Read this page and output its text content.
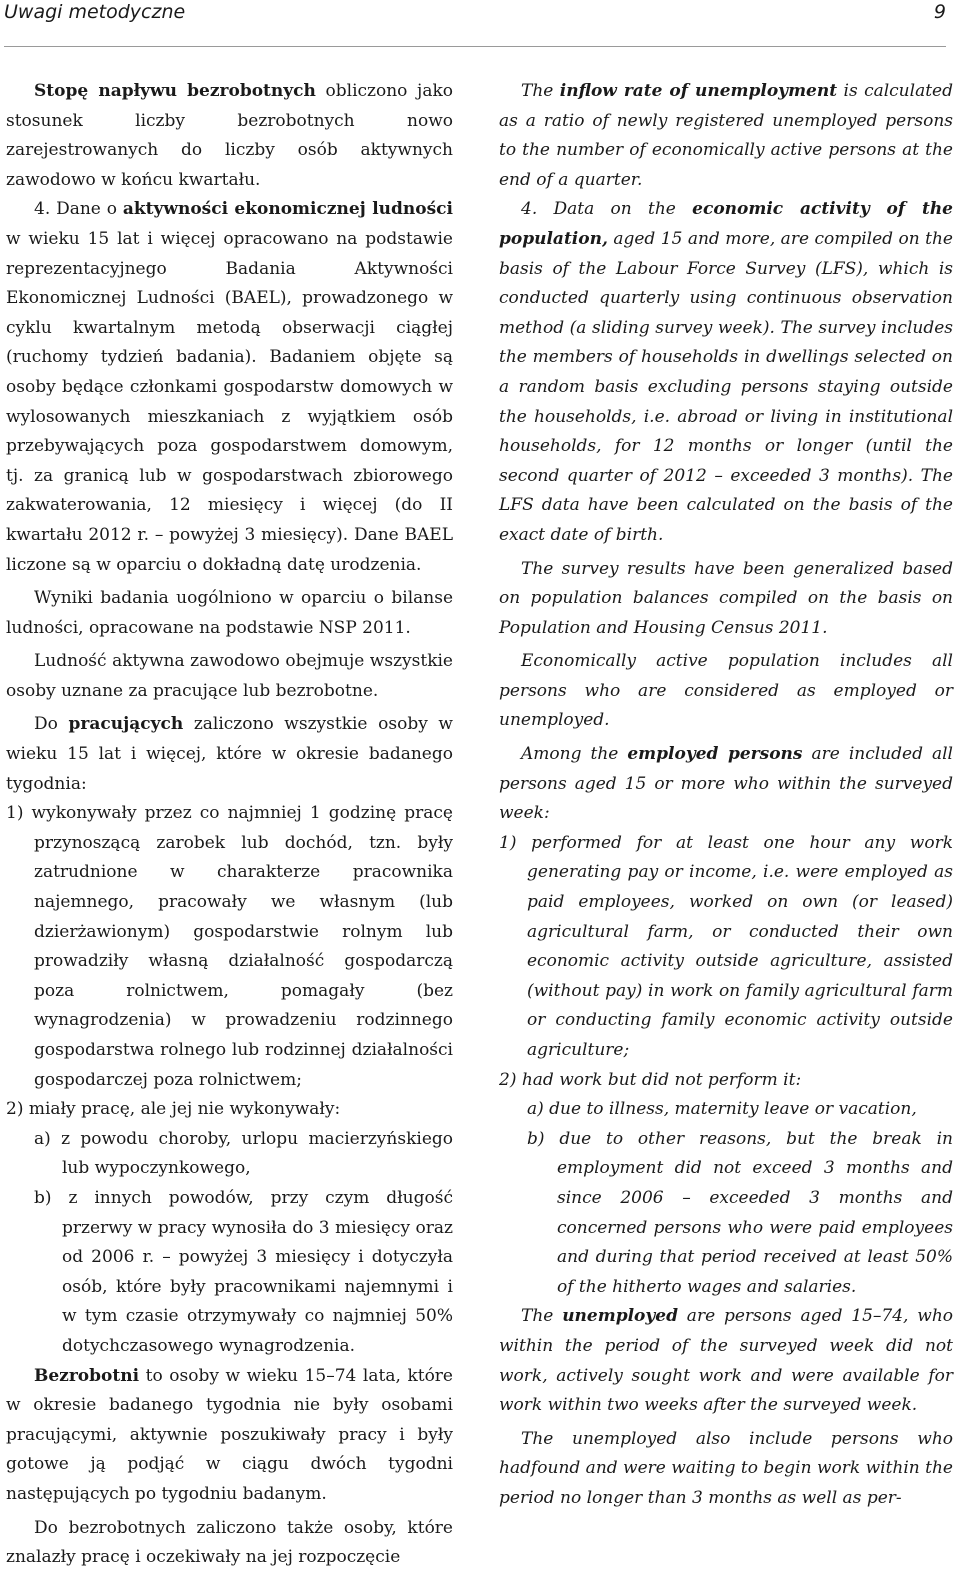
Uwagi metodyczne	9

Stopę napływu bezrobotnych obliczono jako stosunek liczby bezrobotnych nowo zarejestrowanych do liczby osób aktywnych zawodowo w końcu kwartału.

4. Dane o aktywności ekonomicznej ludności w wieku 15 lat i więcej opracowano na podstawie reprezentacyjnego Badania Aktywności Ekonomicznej Ludności (BAEL), prowadzonego w cyklu kwartalnym metodą obserwacji ciągłej (ruchomy tydzień badania). Badaniem objęte są osoby będące członkami gospodarstw domowych w wylosowanych mieszkaniach z wyjątkiem osób przebywających poza gospodarstwem domowym, tj. za granicą lub w gospodarstwach zbiorowego zakwaterowania, 12 miesięcy i więcej (do II kwartału 2012 r. – powyżej 3 miesięcy). Dane BAEL liczone są w oparciu o dokładną datę urodzenia.

Wyniki badania uogólniono w oparciu o bilanse ludności, opracowane na podstawie NSP 2011.

Ludność aktywna zawodowo obejmuje wszystkie osoby uznane za pracujące lub bezrobotne.

Do pracujących zaliczono wszystkie osoby w wieku 15 lat i więcej, które w okresie badanego tygodnia:

1) wykonywały przez co najmniej 1 godzinę pracę przynoszącą zarobek lub dochód, tzn. były zatrudnione w charakterze pracownika najemnego, pracowały we własnym (lub dzierżawionym) gospodarstwie rolnym lub prowadziły własną działalność gospodarczą poza rolnictwem, pomagały (bez wynagrodzenia) w prowadzeniu rodzinnego gospodarstwa rolnego lub rodzinnej działalności gospodarczej poza rolnictwem;

2) miały pracę, ale jej nie wykonywały:

a) z powodu choroby, urlopu macierzyńskiego lub wypoczynkowego,

b) z innych powodów, przy czym długość przerwy w pracy wynosiła do 3 miesięcy oraz od 2006 r. – powyżej 3 miesięcy i dotyczyła osób, które były pracownikami najemnymi i w tym czasie otrzymywały co najmniej 50% dotychczasowego wynagrodzenia.

Bezrobotni to osoby w wieku 15–74 lata, które w okresie badanego tygodnia nie były osobami pracującymi, aktywnie poszukiwały pracy i były gotowe ją podjąć w ciągu dwóch tygodni następujących po tygodniu badanym.

Do bezrobotnych zaliczono także osoby, które znalazły pracę i oczekiwały na jej rozpoczęcie

The inflow rate of unemployment is calculated as a ratio of newly registered unemployed persons to the number of economically active persons at the end of a quarter.

4. Data on the economic activity of the population, aged 15 and more, are compiled on the basis of the Labour Force Survey (LFS), which is conducted quarterly using continuous observation method (a sliding survey week). The survey includes the members of households in dwellings selected on a random basis excluding persons staying outside the households, i.e. abroad or living in institutional households, for 12 months or longer (until the second quarter of 2012 – exceeded 3 months). The LFS data have been calculated on the basis of the exact date of birth.

The survey results have been generalized based on population balances compiled on the basis on Population and Housing Census 2011.

Economically active population includes all persons who are considered as employed or unemployed.

Among the employed persons are included all persons aged 15 or more who within the surveyed week:

1) performed for at least one hour any work generating pay or income, i.e. were employed as paid employees, worked on own (or leased) agricultural farm, or conducted their own economic activity outside agriculture, assisted (without pay) in work on family agricultural farm or conducting family economic activity outside agriculture;

2) had work but did not perform it:

a) due to illness, maternity leave or vacation,

b) due to other reasons, but the break in employment did not exceed 3 months and since 2006 – exceeded 3 months and concerned persons who were paid employees and during that period received at least 50% of the hitherto wages and salaries.

The unemployed are persons aged 15–74, who within the period of the surveyed week did not work, actively sought work and were available for work within two weeks after the surveyed week.

The unemployed also include persons who hadfound and were waiting to begin work within the period no longer than 3 months as well as per-
